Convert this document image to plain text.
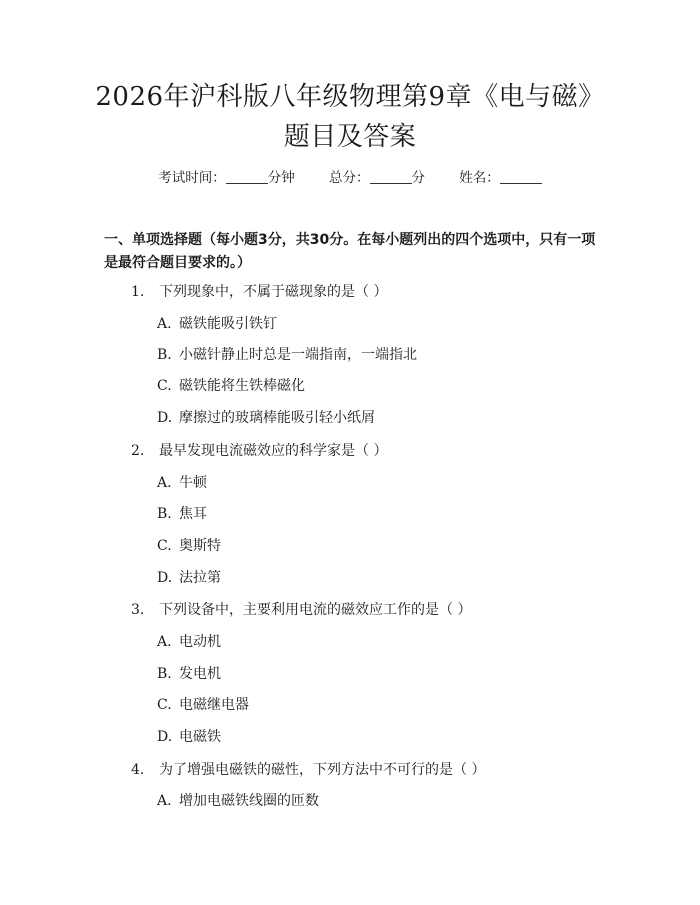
2026年沪科版八年级物理第9章《电与磁》
题目及答案
考试时间：	分钟	总分：	分	姓名：
一、单项选择题（每小题3分，共30分。在每小题列出的四个选项中，只有一项是最符合题目要求的。）
1. 下列现象中，不属于磁现象的是（ ）
A. 磁铁能吸引铁钉
B. 小磁针静止时总是一端指南，一端指北
C. 磁铁能将生铁棒磁化
D. 摩擦过的玻璃棒能吸引轻小纸屑
2. 最早发现电流磁效应的科学家是（ ）
A. 牛顿
B. 焦耳
C. 奥斯特
D. 法拉第
3. 下列设备中，主要利用电流的磁效应工作的是（ ）
A. 电动机
B. 发电机
C. 电磁继电器
D. 电磁铁
4. 为了增强电磁铁的磁性，下列方法中不可行的是（ ）
A. 增加电磁铁线圈的匝数
